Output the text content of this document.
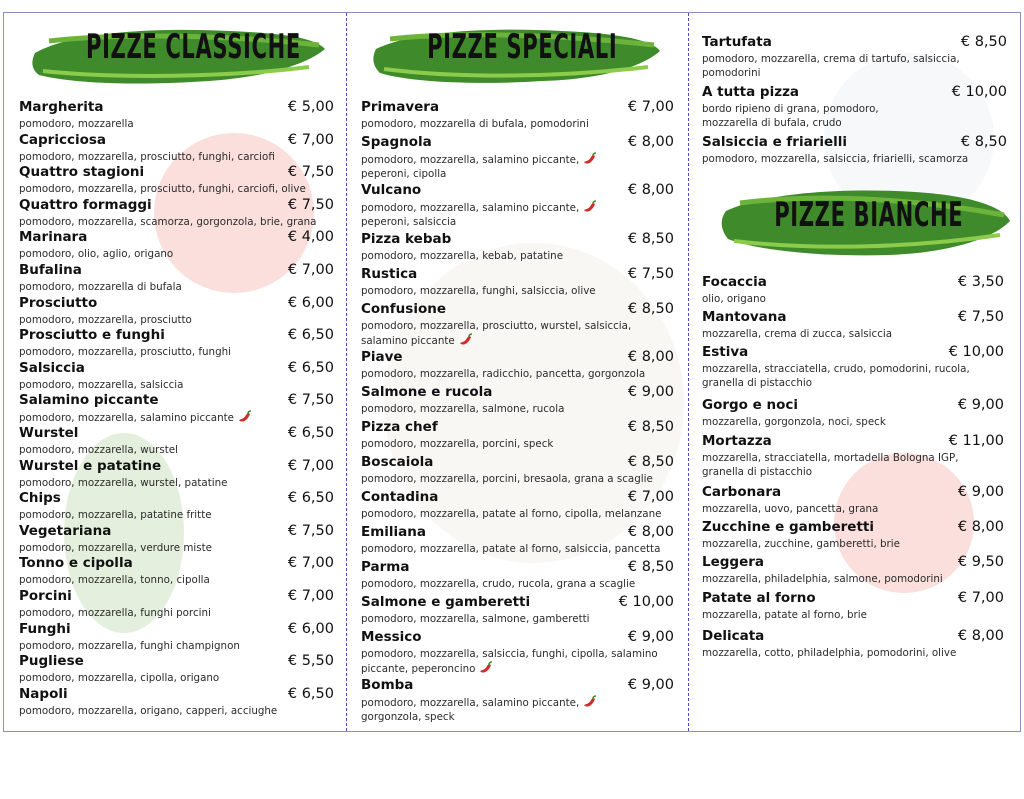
PIZZE CLASSICHE	PIZZE SPECIALI
PIZZE BIANCHE
Margherita	€ 5,00
pomodoro, mozzarella
Capricciosa	€ 7,00
pomodoro, mozzarella, prosciutto, funghi, carciofi
Quattro stagioni	€ 7,50
pomodoro, mozzarella, prosciutto, funghi, carciofi, olive
Quattro formaggi	€ 7,50
pomodoro, mozzarella, scamorza, gorgonzola, brie, grana
Marinara	€ 4,00
pomodoro, olio, aglio, origano
Bufalina	€ 7,00
pomodoro, mozzarella di bufala
Prosciutto	€ 6,00
pomodoro, mozzarella, prosciutto
Prosciutto e funghi	€ 6,50
pomodoro, mozzarella, prosciutto, funghi
Salsiccia	€ 6,50
pomodoro, mozzarella, salsiccia
Salamino piccante	€ 7,50
pomodoro, mozzarella, salamino piccante
Wurstel	€ 6,50
pomodoro, mozzarella, wurstel
Wurstel e patatine	€ 7,00
pomodoro, mozzarella, wurstel, patatine
Chips	€ 6,50
pomodoro, mozzarella, patatine fritte
Vegetariana	€ 7,50
pomodoro, mozzarella, verdure miste
Tonno e cipolla	€ 7,00
pomodoro, mozzarella, tonno, cipolla
Porcini	€ 7,00
pomodoro, mozzarella, funghi porcini
Funghi	€ 6,00
pomodoro, mozzarella, funghi champignon
Pugliese	€ 5,50
pomodoro, mozzarella, cipolla, origano
Napoli	€ 6,50
pomodoro, mozzarella, origano, capperi, acciughe
Primavera	€ 7,00
pomodoro, mozzarella di bufala, pomodorini
Spagnola	€ 8,00
pomodoro, mozzarella, salamino piccante,
peperoni, cipolla
Vulcano	€ 8,00
pomodoro, mozzarella, salamino piccante,
peperoni, salsiccia
Pizza kebab	€ 8,50
pomodoro, mozzarella, kebab, patatine
Rustica	€ 7,50
pomodoro, mozzarella, funghi, salsiccia, olive
Confusione	€ 8,50
pomodoro, mozzarella, prosciutto, wurstel, salsiccia,
salamino piccante
Piave	€ 8,00
pomodoro, mozzarella, radicchio, pancetta, gorgonzola
Salmone e rucola	€ 9,00
pomodoro, mozzarella, salmone, rucola
Pizza chef	€ 8,50
pomodoro, mozzarella, porcini, speck
Boscaiola	€ 8,50
pomodoro, mozzarella, porcini, bresaola, grana a scaglie
Contadina	€ 7,00
pomodoro, mozzarella, patate al forno, cipolla, melanzane
Emiliana	€ 8,00
pomodoro, mozzarella, patate al forno, salsiccia, pancetta
Parma	€ 8,50
pomodoro, mozzarella, crudo, rucola, grana a scaglie
Salmone e gamberetti	€ 10,00
pomodoro, mozzarella, salmone, gamberetti
Messico	€ 9,00
pomodoro, mozzarella, salsiccia, funghi, cipolla, salamino
piccante, peperoncino
Bomba	€ 9,00
pomodoro, mozzarella, salamino piccante,
gorgonzola, speck
Tartufata	€ 8,50
pomodoro, mozzarella, crema di tartufo, salsiccia,
pomodorini
A tutta pizza	€ 10,00
bordo ripieno di grana, pomodoro,
mozzarella di bufala, crudo
Salsiccia e friarielli	€ 8,50
pomodoro, mozzarella, salsiccia, friarielli, scamorza
Focaccia	€ 3,50
olio, origano
Mantovana	€ 7,50
mozzarella, crema di zucca, salsiccia
Estiva	€ 10,00
mozzarella, stracciatella, crudo, pomodorini, rucola,
granella di pistacchio
Gorgo e noci	€ 9,00
mozzarella, gorgonzola, noci, speck
Mortazza	€ 11,00
mozzarella, stracciatella, mortadella Bologna IGP,
granella di pistacchio
Carbonara	€ 9,00
mozzarella, uovo, pancetta, grana
Zucchine e gamberetti	€ 8,00
mozzarella, zucchine, gamberetti, brie
Leggera	€ 9,50
mozzarella, philadelphia, salmone, pomodorini
Patate al forno	€ 7,00
mozzarella, patate al forno, brie
Delicata	€ 8,00
mozzarella, cotto, philadelphia, pomodorini, olive
